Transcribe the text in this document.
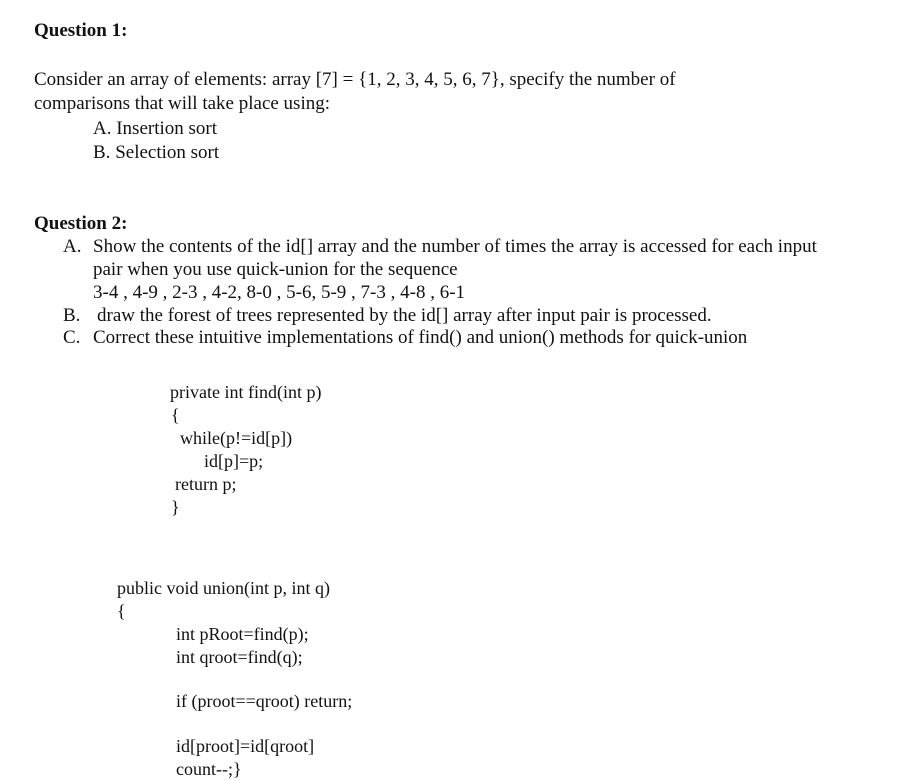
Question 1:
Consider an array of elements: array [7] = {1, 2, 3, 4, 5, 6, 7}, specify the number of
comparisons that will take place using:
A. Insertion sort
B. Selection sort
Question 2:
A. Show the contents of the id[] array and the number of times the array is accessed for each input
pair when you use quick-union for the sequence
3-4 , 4-9 , 2-3 , 4-2, 8-0 , 5-6, 5-9 , 7-3 , 4-8 , 6-1
B. draw the forest of trees represented by the id[] array after input pair is processed.
C. Correct these intuitive implementations of find() and union() methods for quick-union
private int find(int p)
{
while(p!=id[p])
id[p]=p;
return p;
}
public void union(int p, int q)
{
int pRoot=find(p);
int qroot=find(q);
if (proot==qroot) return;
id[proot]=id[qroot]
count--;}
